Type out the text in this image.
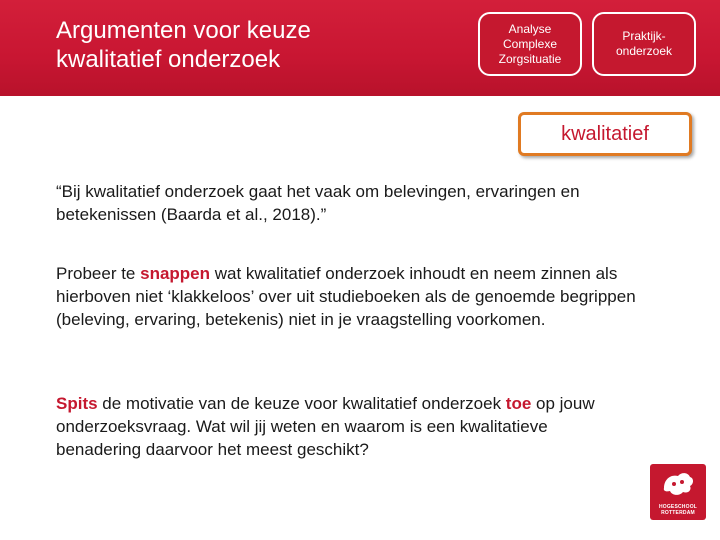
Argumenten voor keuze kwalitatief onderzoek
Analyse Complexe Zorgsituatie
Praktijk-onderzoek
kwalitatief
“Bij kwalitatief onderzoek gaat het vaak om belevingen, ervaringen en betekenissen (Baarda et al., 2018).”

Probeer te snappen wat kwalitatief onderzoek inhoudt en neem zinnen als hierboven niet ‘klakkeloos’ over uit studieboeken als de genoemde begrippen (beleving, ervaring, betekenis) niet in je vraagstelling voorkomen.

Spits de motivatie van de keuze voor kwalitatief onderzoek toe op jouw onderzoeksvraag. Wat wil jij weten en waarom is een kwalitatieve benadering daarvoor het meest geschikt?

HOGESCHOOL
ROTTERDAM
